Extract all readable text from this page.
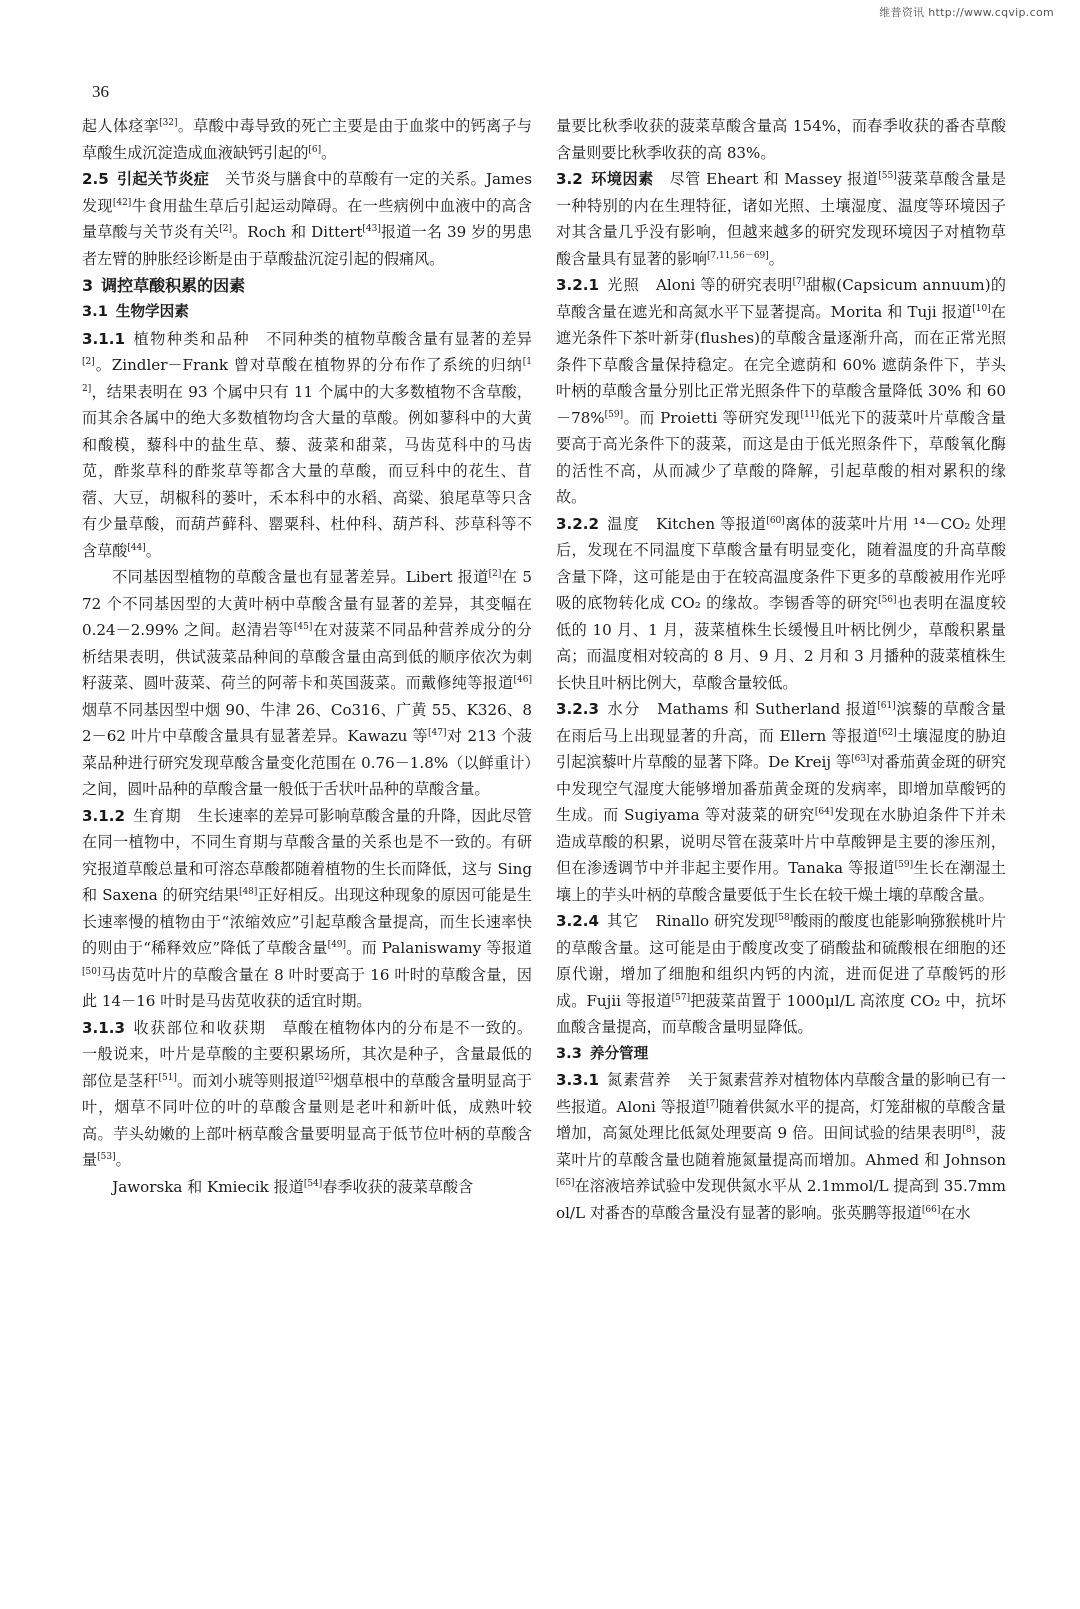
维普资讯 http://www.cqvip.com
36

起人体痉挛[32]。草酸中毒导致的死亡主要是由于血浆中的钙离子与草酸生成沉淀造成血液缺钙引起的[6]。

2.5 引起关节炎症 关节炎与膳食中的草酸有一定的关系。James 发现[42]牛食用盐生草后引起运动障碍。在一些病例中血液中的高含量草酸与关节炎有关[2]。Roch 和 Dittert[43]报道一名 39 岁的男患者左臂的肿胀经诊断是由于草酸盐沉淀引起的假痛风。

3 调控草酸积累的因素
3.1 生物学因素

3.1.1 植物种类和品种 不同种类的植物草酸含量有显著的差异[2]。Zindler－Frank 曾对草酸在植物界的分布作了系统的归纳[12]，结果表明在 93 个属中只有 11 个属中的大多数植物不含草酸，而其余各属中的绝大多数植物均含大量的草酸。例如蓼科中的大黄和酸模，藜科中的盐生草、藜、菠菜和甜菜，马齿苋科中的马齿苋，酢浆草科的酢浆草等都含大量的草酸，而豆科中的花生、苜蓿、大豆，胡椒科的蒌叶，禾本科中的水稻、高粱、狼尾草等只含有少量草酸，而葫芦藓科、罂粟科、杜仲科、葫芦科、莎草科等不含草酸[44]。

不同基因型植物的草酸含量也有显著差异。Libert 报道[2]在 572 个不同基因型的大黄叶柄中草酸含量有显著的差异，其变幅在 0.24－2.99% 之间。赵清岩等[45]在对菠菜不同品种营养成分的分析结果表明，供试菠菜品种间的草酸含量由高到低的顺序依次为刺籽菠菜、圆叶菠菜、荷兰的阿蒂卡和英国菠菜。而戴修纯等报道[46]烟草不同基因型中烟 90、牛津 26、Co316、广黄 55、K326、82－62 叶片中草酸含量具有显著差异。Kawazu 等[47]对 213 个菠菜品种进行研究发现草酸含量变化范围在 0.76－1.8%（以鲜重计）之间，圆叶品种的草酸含量一般低于舌状叶品种的草酸含量。

3.1.2 生育期 生长速率的差异可影响草酸含量的升降，因此尽管在同一植物中，不同生育期与草酸含量的关系也是不一致的。有研究报道草酸总量和可溶态草酸都随着植物的生长而降低，这与 Sing 和 Saxena 的研究结果[48]正好相反。出现这种现象的原因可能是生长速率慢的植物由于“浓缩效应”引起草酸含量提高，而生长速率快的则由于“稀释效应”降低了草酸含量[49]。而 Palaniswamy 等报道[50]马齿苋叶片的草酸含量在 8 叶时要高于 16 叶时的草酸含量，因此 14－16 叶时是马齿苋收获的适宜时期。

3.1.3 收获部位和收获期 草酸在植物体内的分布是不一致的。一般说来，叶片是草酸的主要积累场所，其次是种子，含量最低的部位是茎秆[51]。而刘小琥等则报道[52]烟草根中的草酸含量明显高于叶，烟草不同叶位的叶的草酸含量则是老叶和新叶低，成熟叶较高。芋头幼嫩的上部叶柄草酸含量要明显高于低节位叶柄的草酸含量[53]。

Jaworska 和 Kmiecik 报道[54]春季收获的菠菜草酸含

量要比秋季收获的菠菜草酸含量高 154%，而春季收获的番杏草酸含量则要比秋季收获的高 83%。

3.2 环境因素 尽管 Eheart 和 Massey 报道[55]菠菜草酸含量是一种特别的内在生理特征，诸如光照、土壤湿度、温度等环境因子对其含量几乎没有影响，但越来越多的研究发现环境因子对植物草酸含量具有显著的影响[7,11,56－69]。

3.2.1 光照 Aloni 等的研究表明[7]甜椒(Capsicum annuum)的草酸含量在遮光和高氮水平下显著提高。Morita 和 Tuji 报道[10]在遮光条件下茶叶新芽(flushes)的草酸含量逐渐升高，而在正常光照条件下草酸含量保持稳定。在完全遮荫和 60% 遮荫条件下，芋头叶柄的草酸含量分别比正常光照条件下的草酸含量降低 30% 和 60－78%[59]。而 Proietti 等研究发现[11]低光下的菠菜叶片草酸含量要高于高光条件下的菠菜，而这是由于低光照条件下，草酸氧化酶的活性不高，从而减少了草酸的降解，引起草酸的相对累积的缘故。

3.2.2 温度 Kitchen 等报道[60]离体的菠菜叶片用 ¹⁴－CO₂ 处理后，发现在不同温度下草酸含量有明显变化，随着温度的升高草酸含量下降，这可能是由于在较高温度条件下更多的草酸被用作光呼吸的底物转化成 CO₂ 的缘故。李锡香等的研究[56]也表明在温度较低的 10 月、1 月，菠菜植株生长缓慢且叶柄比例少，草酸积累量高；而温度相对较高的 8 月、9 月、2 月和 3 月播种的菠菜植株生长快且叶柄比例大，草酸含量较低。

3.2.3 水分 Mathams 和 Sutherland 报道[61]滨藜的草酸含量在雨后马上出现显著的升高，而 Ellern 等报道[62]土壤湿度的胁迫引起滨藜叶片草酸的显著下降。De Kreij 等[63]对番茄黄金斑的研究中发现空气湿度大能够增加番茄黄金斑的发病率，即增加草酸钙的生成。而 Sugiyama 等对菠菜的研究[64]发现在水胁迫条件下并未造成草酸的积累，说明尽管在菠菜叶片中草酸钾是主要的渗压剂，但在渗透调节中并非起主要作用。Tanaka 等报道[59]生长在潮湿土壤上的芋头叶柄的草酸含量要低于生长在较干燥土壤的草酸含量。

3.2.4 其它 Rinallo 研究发现[58]酸雨的酸度也能影响猕猴桃叶片的草酸含量。这可能是由于酸度改变了硝酸盐和硫酸根在细胞的还原代谢，增加了细胞和组织内钙的内流，进而促进了草酸钙的形成。Fujii 等报道[57]把菠菜苗置于 1000μl/L 高浓度 CO₂ 中，抗坏血酸含量提高，而草酸含量明显降低。

3.3 养分管理

3.3.1 氮素营养 关于氮素营养对植物体内草酸含量的影响已有一些报道。Aloni 等报道[7]随着供氮水平的提高，灯笼甜椒的草酸含量增加，高氮处理比低氮处理要高 9 倍。田间试验的结果表明[8]，菠菜叶片的草酸含量也随着施氮量提高而增加。Ahmed 和 Johnson[65]在溶液培养试验中发现供氮水平从 2.1mmol/L 提高到 35.7mmol/L 对番杏的草酸含量没有显著的影响。张英鹏等报道[66]在水
